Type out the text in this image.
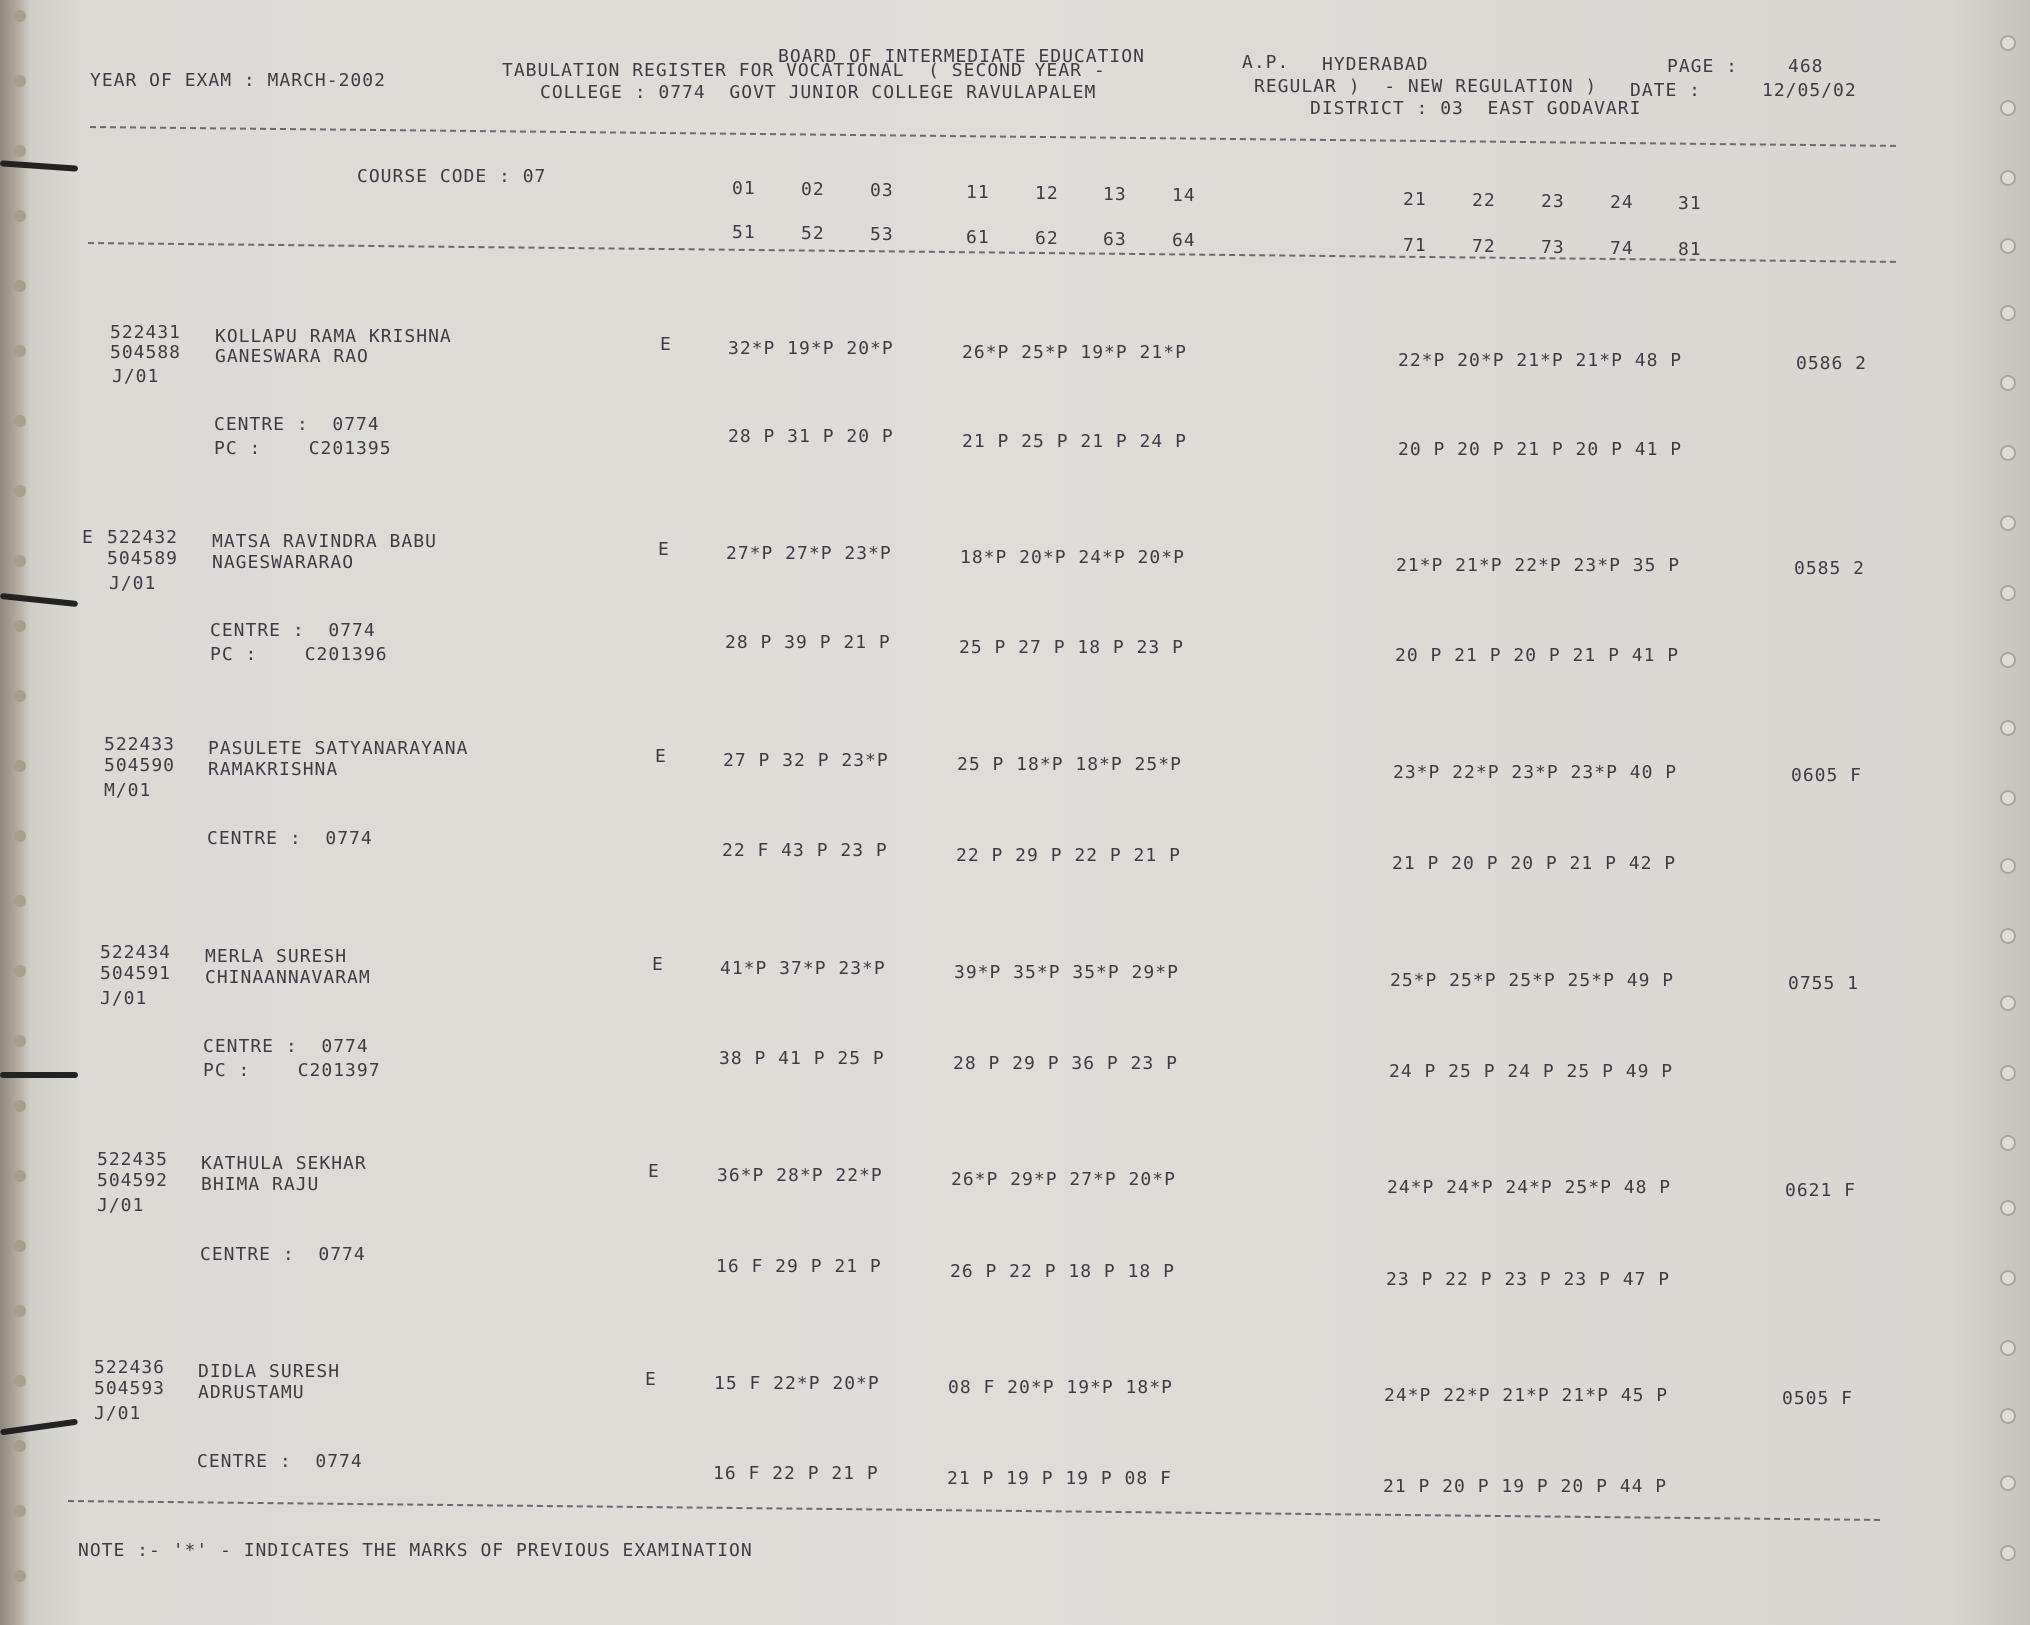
YEAR OF EXAM : MARCH-2002
BOARD OF INTERMEDIATE EDUCATION	A.P. HYDERABAD
TABULATION REGISTER FOR VOCATIONAL  ( SECOND YEAR -
REGULAR )  - NEW REGULATION )
COLLEGE : 0774  GOVT JUNIOR COLLEGE RAVULAPALEM
DISTRICT : 03  EAST GODAVARI
PAGE :	468
DATE :	12/05/02
COURSE CODE : 07
01	02	03	11	12 13	14	21	22	23	24 31
51	52	53	61	62 63	64	71	72	73	74 81
522431 KOLLAPU RAMA KRISHNA
504588 GANESWARA RAO
J/01
E	32*P 19*P 20*P	26*P 25*P 19*P 21*P	22*P 20*P 21*P 21*P 48 P	0586 2
CENTRE :  0774
PC :    C201395
28 P 31 P 20 P	21 P 25 P 21 P 24 P	20 P 20 P 21 P 20 P 41 P
E 522432 MATSA RAVINDRA BABU
504589 NAGESWARARAO
J/01
E	27*P 27*P 23*P	18*P 20*P 24*P 20*P	21*P 21*P 22*P 23*P 35 P	0585 2
CENTRE :  0774
PC :    C201396
28 P 39 P 21 P	25 P 27 P 18 P 23 P	20 P 21 P 20 P 21 P 41 P
522433 PASULETE SATYANARAYANA
504590 RAMAKRISHNA
M/01
E	27 P 32 P 23*P	25 P 18*P 18*P 25*P	23*P 22*P 23*P 23*P 40 P	0605 F
CENTRE :  0774
22 F 43 P 23 P	22 P 29 P 22 P 21 P	21 P 20 P 20 P 21 P 42 P
522434 MERLA SURESH
504591 CHINAANNAVARAM
J/01
E	41*P 37*P 23*P	39*P 35*P 35*P 29*P	25*P 25*P 25*P 25*P 49 P	0755 1
CENTRE :  0774
PC :    C201397
38 P 41 P 25 P	28 P 29 P 36 P 23 P	24 P 25 P 24 P 25 P 49 P
522435 KATHULA SEKHAR
504592 BHIMA RAJU
J/01
E	36*P 28*P 22*P	26*P 29*P 27*P 20*P	24*P 24*P 24*P 25*P 48 P	0621 F
CENTRE :  0774
16 F 29 P 21 P	26 P 22 P 18 P 18 P	23 P 22 P 23 P 23 P 47 P
522436 DIDLA SURESH
504593 ADRUSTAMU
J/01
E	15 F 22*P 20*P	08 F 20*P 19*P 18*P	24*P 22*P 21*P 21*P 45 P	0505 F
CENTRE :  0774
16 F 22 P 21 P	21 P 19 P 19 P 08 F	21 P 20 P 19 P 20 P 44 P
NOTE :- '*' - INDICATES THE MARKS OF PREVIOUS EXAMINATION
